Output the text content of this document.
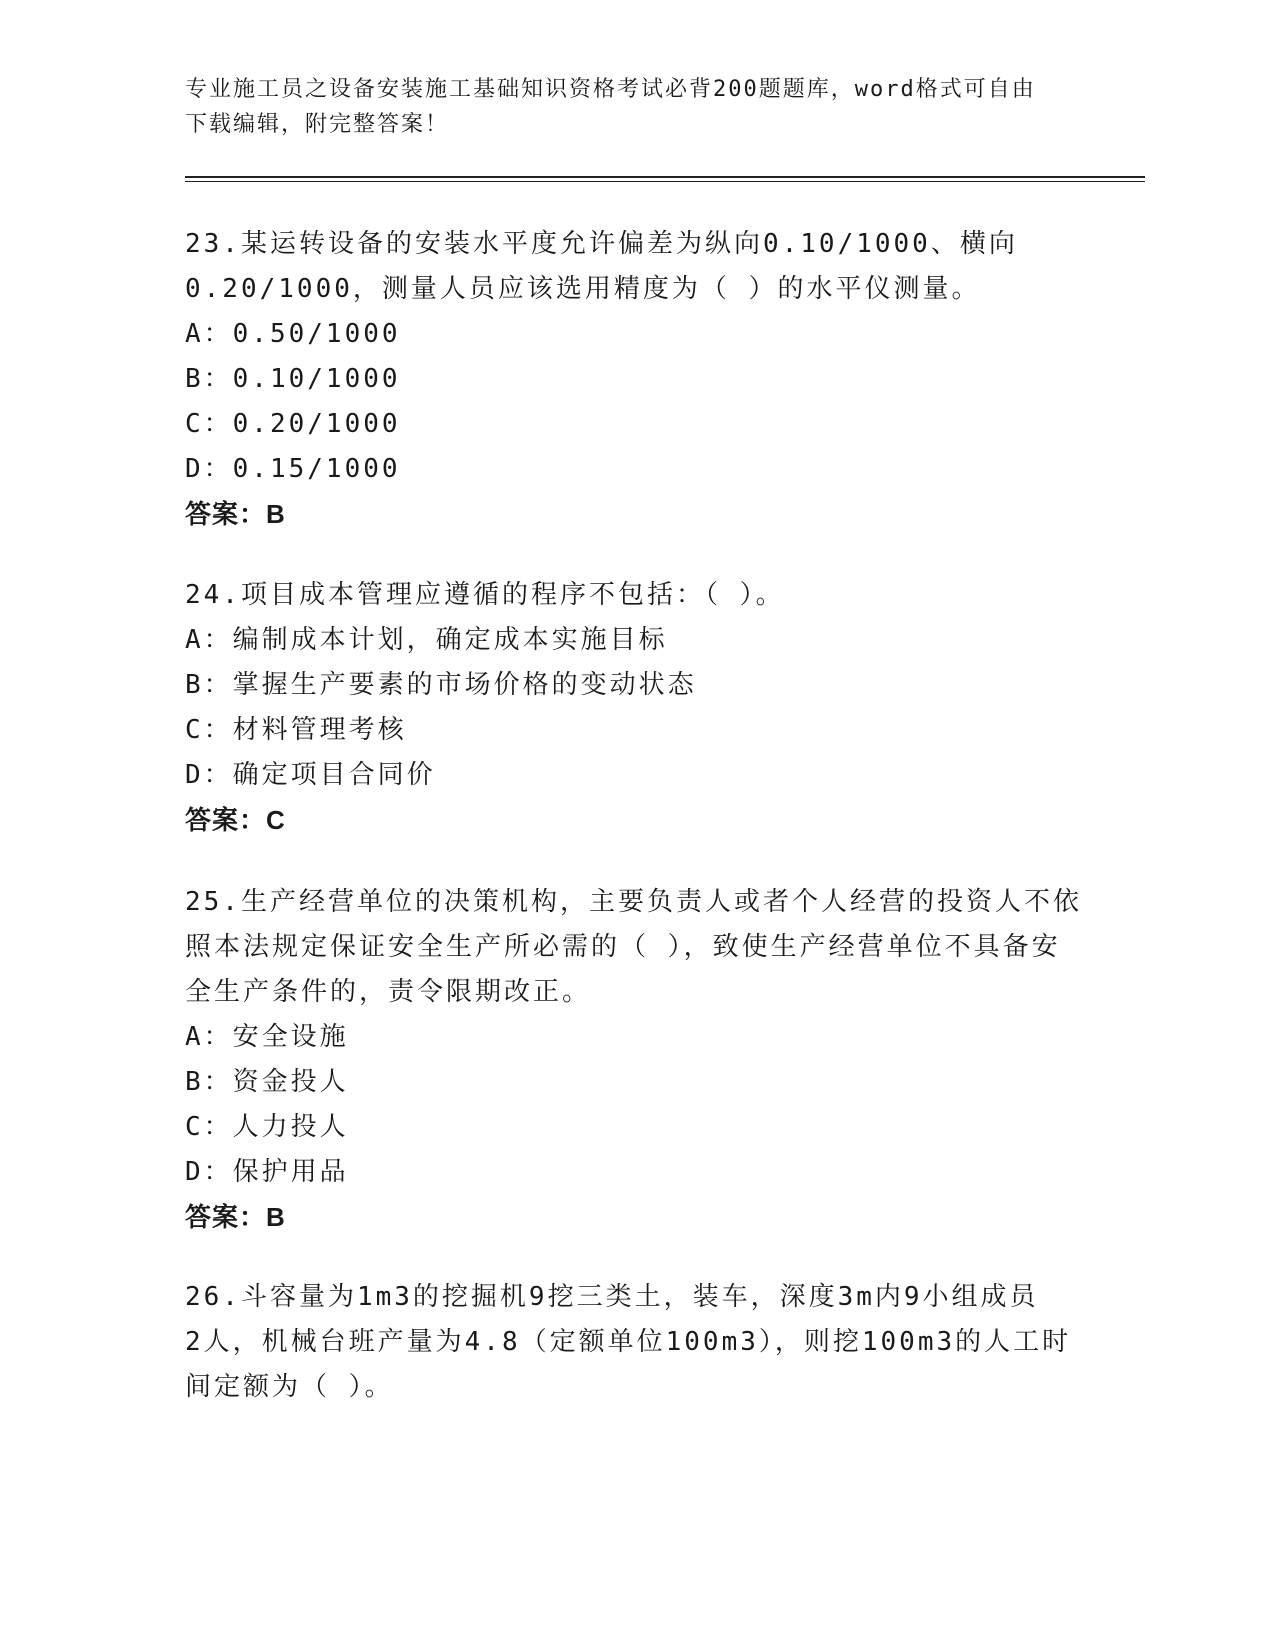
专业施工员之设备安装施工基础知识资格考试必背200题题库，word格式可自由
下载编辑，附完整答案！
23.某运转设备的安装水平度允许偏差为纵向0.10/1000、横向
0.20/1000，测量人员应该选用精度为（ ）的水平仪测量。
A：0.50/1000
B：0.10/1000
C：0.20/1000
D：0.15/1000
答案：B
24.项目成本管理应遵循的程序不包括：（ ）。
A：编制成本计划，确定成本实施目标
B：掌握生产要素的市场价格的变动状态
C：材料管理考核
D：确定项目合同价
答案：C
25.生产经营单位的决策机构，主要负责人或者个人经营的投资人不依
照本法规定保证安全生产所必需的（ ），致使生产经营单位不具备安
全生产条件的，责令限期改正。
A：安全设施
B：资金投人
C：人力投人
D：保护用品
答案：B
26.斗容量为1m3的挖掘机9挖三类土，装车，深度3m内9小组成员
2人，机械台班产量为4.8（定额单位100m3），则挖100m3的人工时
间定额为（ ）。
